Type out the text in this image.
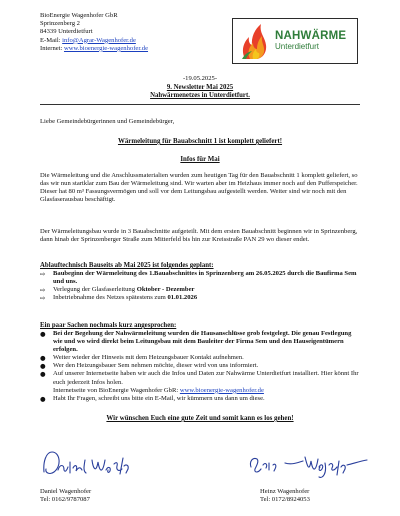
BioEnergie Wagenhofer GbR
Sprinzenberg 2
84339 Unterdietfurt
E-Mail: info@Agrar-Wagenhofer.de
Internet: www.bioenergie-wagenhofer.de
NAHWÄRME
Unterdietfurt
-19.05.2025-
9. Newsletter Mai 2025
Nahwärmenetzes in Unterdietfurt.
Liebe Gemeindebürgerinnen und Gemeindebürger,
Wärmeleitung für Bauabschnitt 1 ist komplett geliefert!
Infos für Mai
Die Wärmeleitung und die Anschlussmaterialien wurden zum heutigen Tag für den Bauabschnitt 1 komplett geliefert, so das wir nun startklar zum Bau der Wärmeleitung sind. Wir warten aber im Heizhaus immer noch auf den Pufferspeicher. Dieser hat 80 m³ Fassungsvermögen und soll vor dem Leitungsbau aufgestellt werden. Weiter sind wir noch mit den Glasfaserausbau beschäftigt.
Der Wärmeleitungsbau wurde in 3 Bauabschnitte aufgeteilt. Mit dem ersten Bauabschnitt beginnen wir in Sprinzenberg, dann hinab der Sprinzenberger Straße zum Mitterfeld bis hin zur Kreisstraße PAN 29 wo dieser endet.
Ablauftechnisch Bauseits ab Mai 2025 ist folgendes geplant:
⇨	Baubeginn der Wärmeleitung des 1.Bauabschnittes in Sprinzenberg am 26.05.2025 durch die Baufirma Sem und uns.
⇨	Verlegung der Glasfaserleitung Oktober - Dezember
⇨	Inbetriebnahme des Netzes spätestens zum 01.01.2026
Ein paar Sachen nochmals kurz angesprochen:
●	Bei der Begehung der Nahwärmeleitung wurden die Hausanschlüsse grob festgelegt. Die genau Festlegung wie und wo wird direkt beim Leitungsbau mit dem Bauleiter der Firma Sem und den Hauseigentümern erfolgen.
●	Weiter wieder der Hinweis mit dem Heizungsbauer Kontakt aufnehmen.
●	Wer den Heizungsbauer Sem nehmen möchte, dieser wird von uns informiert.
●	Auf unserer Internetseite haben wir auch die Infos und Daten zur Nahwärme Unterdietfurt installiert. Hier könnt Ihr euch jederzeit Infos holen.
Internetseite von BioEnergie Wagenhofer GbR: www.bioenergie-wagenhofer.de
●	Habt Ihr Fragen, schreibt uns bitte ein E-Mail, wir kümmern uns dann um diese.
Wir wünschen Euch eine gute Zeit und somit kann es los gehen!
Daniel Wagenhofer
Tel: 0162/9787087
Heinz Wagenhofer
Tel: 0172/8924053
